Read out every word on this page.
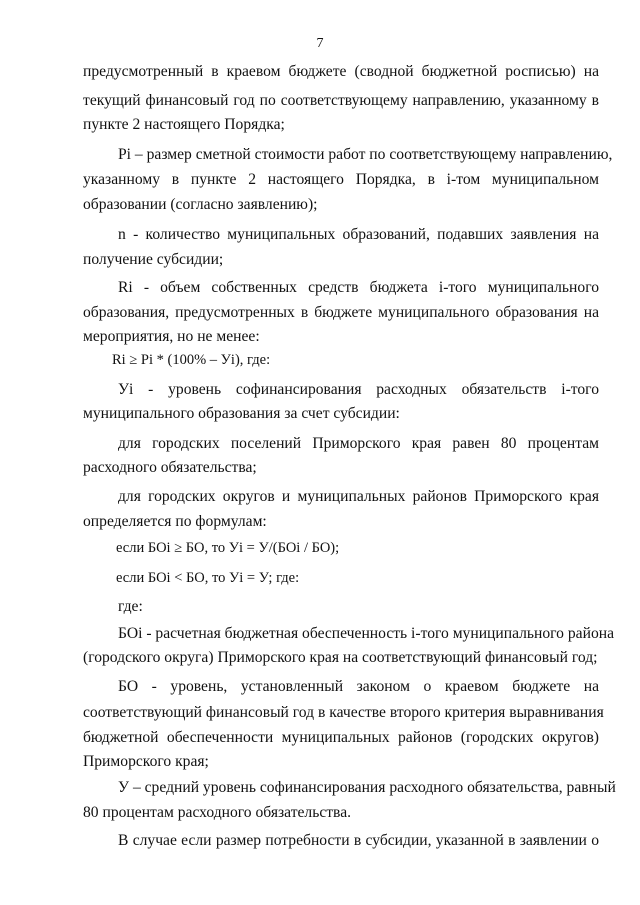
7
предусмотренный в краевом бюджете (сводной бюджетной росписью) на
текущий финансовый год по соответствующему направлению, указанному в
пункте 2 настоящего Порядка;
Pi – размер сметной стоимости работ по соответствующему направлению,
указанному в пункте 2 настоящего Порядка, в i-том муниципальном
образовании (согласно заявлению);
n - количество муниципальных образований, подавших заявления на
получение субсидии;
Ri - объем собственных средств бюджета i-того муниципального
образования, предусмотренных в бюджете муниципального образования на
мероприятия, но не менее:
Ri ≥ Pi * (100% – Уi), где:
Уi - уровень софинансирования расходных обязательств i-того
муниципального образования за счет субсидии:
для городских поселений Приморского края равен 80 процентам
расходного обязательства;
для городских округов и муниципальных районов Приморского края
определяется по формулам:
если БОi ≥ БО, то Уi = У/(БОi / БО);
если БОi < БО, то Уi = У; где:
где:
БОi - расчетная бюджетная обеспеченность i-того муниципального района
(городского округа) Приморского края на соответствующий финансовый год;
БО - уровень, установленный законом о краевом бюджете на
соответствующий финансовый год в качестве второго критерия выравнивания
бюджетной обеспеченности муниципальных районов (городских округов)
Приморского края;
У – средний уровень софинансирования расходного обязательства, равный
80 процентам расходного обязательства.
В случае если размер потребности в субсидии, указанной в заявлении о
